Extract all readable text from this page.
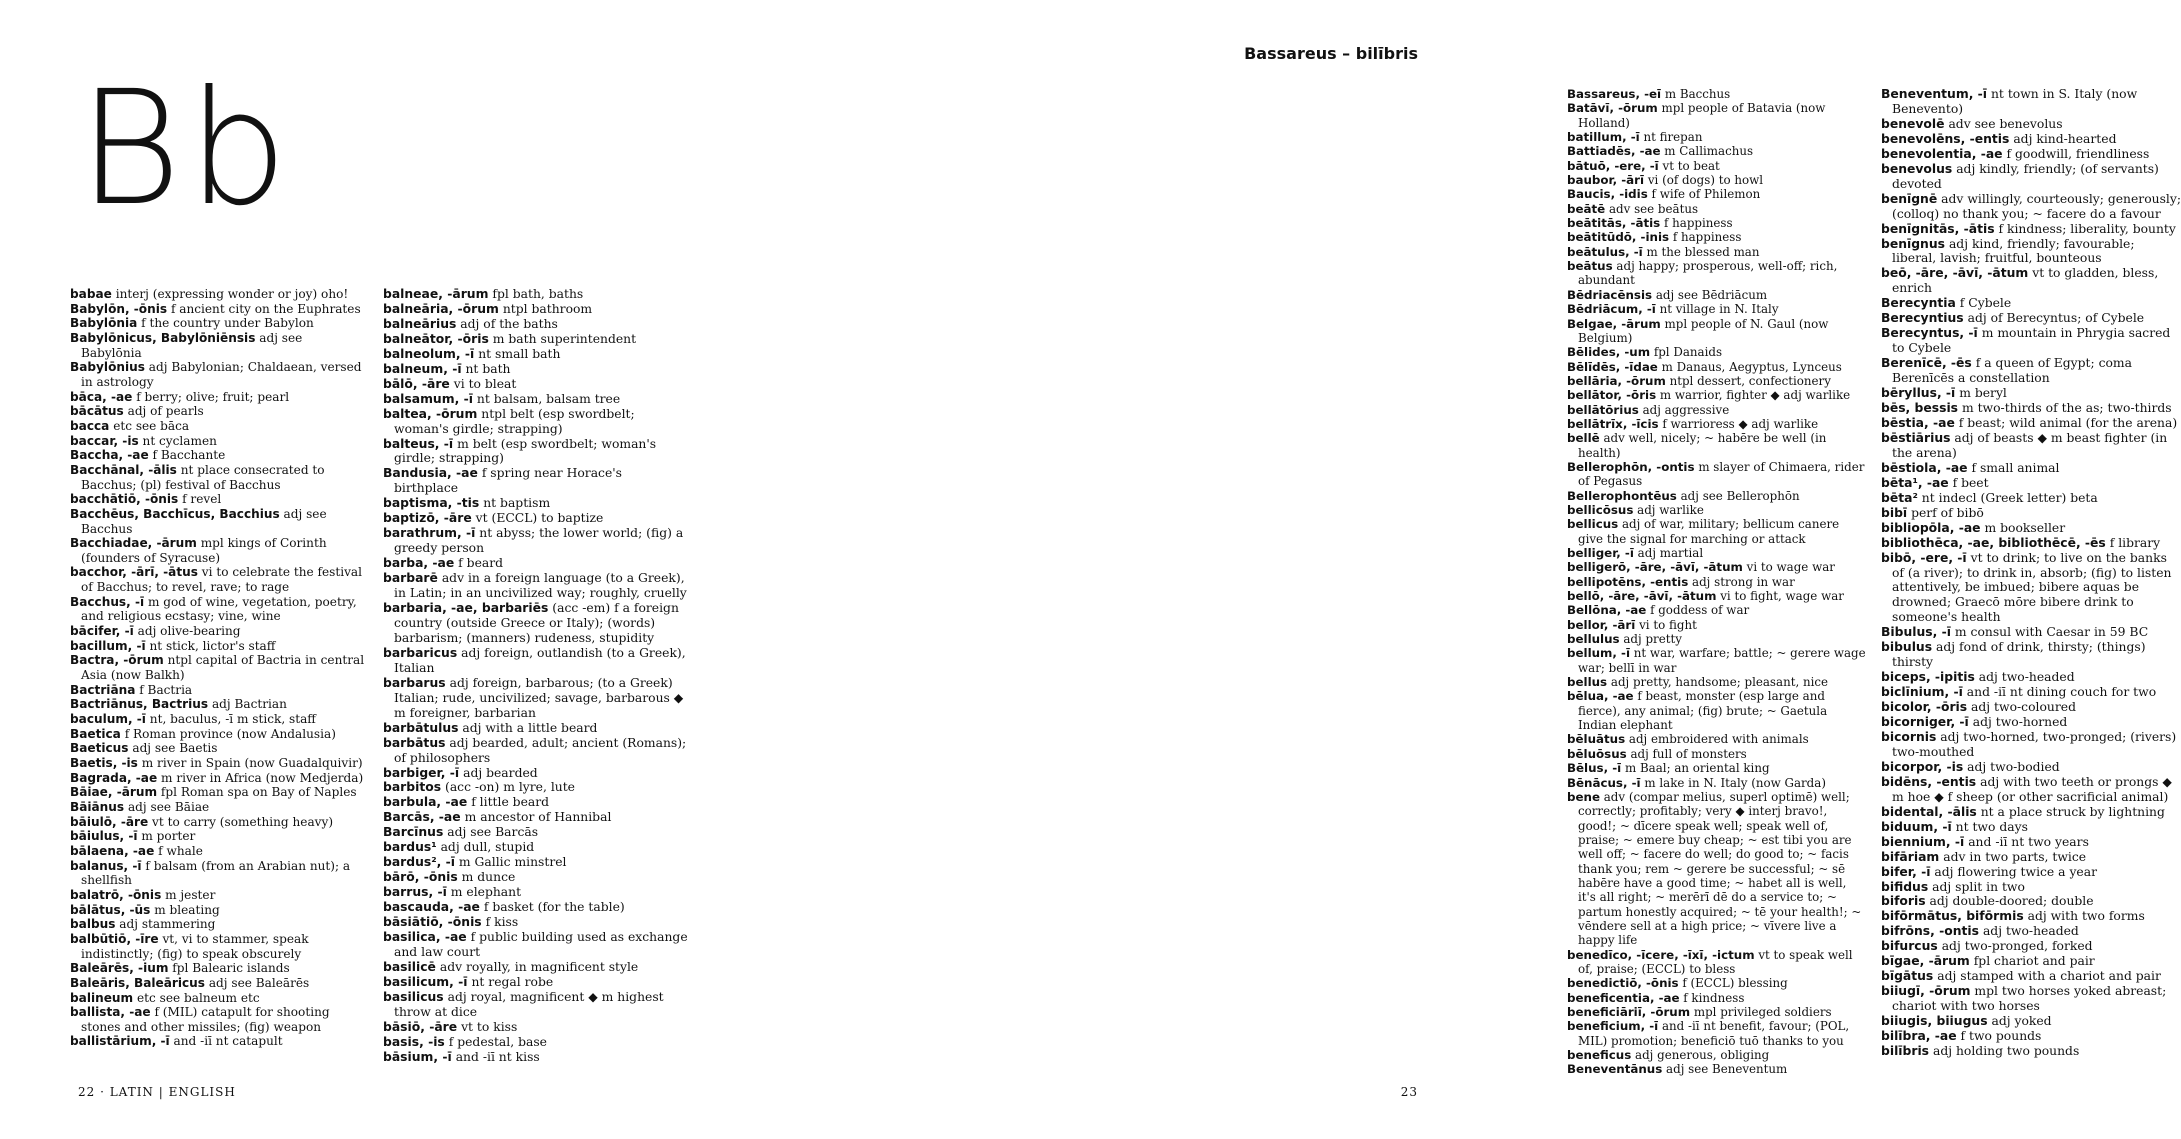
Bb
babae interj (expressing wonder or joy) oho!
Babylōn, -ōnis f ancient city on the Euphrates
Babylōnia f the country under Babylon
Babylōnicus, Babylōniēnsis adj see Babylōnia
Babylōnius adj Babylonian; Chaldaean, versed in astrology
bāca, -ae f berry; olive; fruit; pearl
bācātus adj of pearls
bacca etc see bāca
baccar, -is nt cyclamen
Baccha, -ae f Bacchante
Bacchānal, -ālis nt place consecrated to Bacchus; (pl) festival of Bacchus
bacchātiō, -ōnis f revel
Bacchēus, Bacchīcus, Bacchius adj see Bacchus
Bacchiadae, -ārum mpl kings of Corinth (founders of Syracuse)
bacchor, -ārī, -ātus vi to celebrate the festival of Bacchus; to revel, rave; to rage
Bacchus, -ī m god of wine, vegetation, poetry, and religious ecstasy; vine, wine
bācifer, -ī adj olive-bearing
bacillum, -ī nt stick, lictor's staff
Bactra, -ōrum ntpl capital of Bactria in central Asia (now Balkh)
Bactriāna f Bactria
Bactriānus, Bactrius adj Bactrian
baculum, -ī nt, baculus, -ī m stick, staff
Baetica f Roman province (now Andalusia)
Baeticus adj see Baetis
Baetis, -is m river in Spain (now Guadalquivir)
Bagrada, -ae m river in Africa (now Medjerda)
Bāiae, -ārum fpl Roman spa on Bay of Naples
Bāiānus adj see Bāiae
bāiulō, -āre vt to carry (something heavy)
bāiulus, -ī m porter
bālaena, -ae f whale
balanus, -ī f balsam (from an Arabian nut); a shellfish
balatrō, -ōnis m jester
bālātus, -ūs m bleating
balbus adj stammering
balbūtiō, -īre vt, vi to stammer, speak indistinctly; (fig) to speak obscurely
Baleārēs, -ium fpl Balearic islands
Baleāris, Baleāricus adj see Baleārēs
balineum etc see balneum etc
ballista, -ae f (MIL) catapult for shooting stones and other missiles; (fig) weapon
ballistārium, -ī and -iī nt catapult
balneae, -ārum fpl bath, baths
balneāria, -ōrum ntpl bathroom
balneārius adj of the baths
balneātor, -ōris m bath superintendent
balneolum, -ī nt small bath
balneum, -ī nt bath
bālō, -āre vi to bleat
balsamum, -ī nt balsam, balsam tree
baltea, -ōrum ntpl belt (esp swordbelt; woman's girdle; strapping)
balteus, -ī m belt (esp swordbelt; woman's girdle; strapping)
Bandusia, -ae f spring near Horace's birthplace
baptisma, -tis nt baptism
baptizō, -āre vt (ECCL) to baptize
barathrum, -ī nt abyss; the lower world; (fig) a greedy person
barba, -ae f beard
barbarē adv in a foreign language (to a Greek), in Latin; in an uncivilized way; roughly, cruelly
barbaria, -ae, barbariēs (acc -em) f a foreign country (outside Greece or Italy); (words) barbarism; (manners) rudeness, stupidity
barbaricus adj foreign, outlandish (to a Greek), Italian
barbarus adj foreign, barbarous; (to a Greek) Italian; rude, uncivilized; savage, barbarous ◆ m foreigner, barbarian
barbātulus adj with a little beard
barbātus adj bearded, adult; ancient (Romans); of philosophers
barbiger, -ī adj bearded
barbitos (acc -on) m lyre, lute
barbula, -ae f little beard
Barcās, -ae m ancestor of Hannibal
Barcīnus adj see Barcās
bardus¹ adj dull, stupid
bardus², -ī m Gallic minstrel
bārō, -ōnis m dunce
barrus, -ī m elephant
bascauda, -ae f basket (for the table)
bāsiātiō, -ōnis f kiss
basilica, -ae f public building used as exchange and law court
basilicē adv royally, in magnificent style
basilicum, -ī nt regal robe
basilicus adj royal, magnificent ◆ m highest throw at dice
bāsiō, -āre vt to kiss
basis, -is f pedestal, base
bāsium, -ī and -iī nt kiss
22 · LATIN | ENGLISH
Bassareus – bilībris
Bassareus, -eī m Bacchus
Batāvī, -ōrum mpl people of Batavia (now Holland)
batillum, -ī nt firepan
Battiadēs, -ae m Callimachus
bātuō, -ere, -ī vt to beat
baubor, -ārī vi (of dogs) to howl
Baucis, -idis f wife of Philemon
beātē adv see beātus
beātitās, -ātis f happiness
beātitūdō, -inis f happiness
beātulus, -ī m the blessed man
beātus adj happy; prosperous, well-off; rich, abundant
Bēdriacēnsis adj see Bēdriācum
Bēdriācum, -ī nt village in N. Italy
Belgae, -ārum mpl people of N. Gaul (now Belgium)
Bēlides, -um fpl Danaids
Bēlīdēs, -īdae m Danaus, Aegyptus, Lynceus
bellāria, -ōrum ntpl dessert, confectionery
bellātor, -ōris m warrior, fighter ◆ adj warlike
bellātōrius adj aggressive
bellātrīx, -īcis f warrioress ◆ adj warlike
bellē adv well, nicely; ~ habēre be well (in health)
Bellerophōn, -ontis m slayer of Chimaera, rider of Pegasus
Bellerophontēus adj see Bellerophōn
bellicōsus adj warlike
bellicus adj of war, military; bellicum canere give the signal for marching or attack
belliger, -ī adj martial
belligerō, -āre, -āvī, -ātum vi to wage war
bellipotēns, -entis adj strong in war
bellō, -āre, -āvī, -ātum vi to fight, wage war
Bellōna, -ae f goddess of war
bellor, -ārī vi to fight
bellulus adj pretty
bellum, -ī nt war, warfare; battle; ~ gerere wage war; bellī in war
bellus adj pretty, handsome; pleasant, nice
bēlua, -ae f beast, monster (esp large and fierce), any animal; (fig) brute; ~ Gaetula Indian elephant
bēluātus adj embroidered with animals
bēluōsus adj full of monsters
Bēlus, -ī m Baal; an oriental king
Bēnācus, -ī m lake in N. Italy (now Garda)
bene adv (compar melius, superl optimē) well; correctly; profitably; very ◆ interj bravo!, good!; ~ dīcere speak well; speak well of, praise; ~ emere buy cheap; ~ est tibi you are well off; ~ facere do well; do good to; ~ facis thank you; rem ~ gerere be successful; ~ sē habēre have a good time; ~ habet all is well, it's all right; ~ merērī dē do a service to; ~ partum honestly acquired; ~ tē your health!; ~ vēndere sell at a high price; ~ vīvere live a happy life
benedīco, -īcere, -īxī, -ictum vt to speak well of, praise; (ECCL) to bless
benedictiō, -ōnis f (ECCL) blessing
beneficentia, -ae f kindness
beneficiāriī, -ōrum mpl privileged soldiers
beneficium, -ī and -iī nt benefit, favour; (POL, MIL) promotion; beneficiō tuō thanks to you
beneficus adj generous, obliging
Beneventānus adj see Beneventum
Beneventum, -ī nt town in S. Italy (now Benevento)
benevolē adv see benevolus
benevolēns, -entis adj kind-hearted
benevolentia, -ae f goodwill, friendliness
benevolus adj kindly, friendly; (of servants) devoted
benīgnē adv willingly, courteously; generously; (colloq) no thank you; ~ facere do a favour
benīgnitās, -ātis f kindness; liberality, bounty
benīgnus adj kind, friendly; favourable; liberal, lavish; fruitful, bounteous
beō, -āre, -āvī, -ātum vt to gladden, bless, enrich
Berecyntia f Cybele
Berecyntius adj of Berecyntus; of Cybele
Berecyntus, -ī m mountain in Phrygia sacred to Cybele
Berenīcē, -ēs f a queen of Egypt; coma Berenīcēs a constellation
bēryllus, -ī m beryl
bēs, bessis m two-thirds of the as; two-thirds
bēstia, -ae f beast; wild animal (for the arena)
bēstiārius adj of beasts ◆ m beast fighter (in the arena)
bēstiola, -ae f small animal
bēta¹, -ae f beet
bēta² nt indecl (Greek letter) beta
bibī perf of bibō
bibliopōla, -ae m bookseller
bibliothēca, -ae, bibliothēcē, -ēs f library
bibō, -ere, -ī vt to drink; to live on the banks of (a river); to drink in, absorb; (fig) to listen attentively, be imbued; bibere aquas be drowned; Graecō mōre bibere drink to someone's health
Bibulus, -ī m consul with Caesar in 59 BC
bibulus adj fond of drink, thirsty; (things) thirsty
biceps, -ipitis adj two-headed
biclīnium, -ī and -iī nt dining couch for two
bicolor, -ōris adj two-coloured
bicorniger, -ī adj two-horned
bicornis adj two-horned, two-pronged; (rivers) two-mouthed
bicorpor, -is adj two-bodied
bidēns, -entis adj with two teeth or prongs ◆ m hoe ◆ f sheep (or other sacrificial animal)
bidental, -ālis nt a place struck by lightning
biduum, -ī nt two days
biennium, -ī and -iī nt two years
bifāriam adv in two parts, twice
bifer, -ī adj flowering twice a year
bifidus adj split in two
biforis adj double-doored; double
bifōrmātus, bifōrmis adj with two forms
bifrōns, -ontis adj two-headed
bifurcus adj two-pronged, forked
bīgae, -ārum fpl chariot and pair
bīgātus adj stamped with a chariot and pair
biiugī, -ōrum mpl two horses yoked abreast; chariot with two horses
biiugis, biiugus adj yoked
bilībra, -ae f two pounds
bilībris adj holding two pounds
23
